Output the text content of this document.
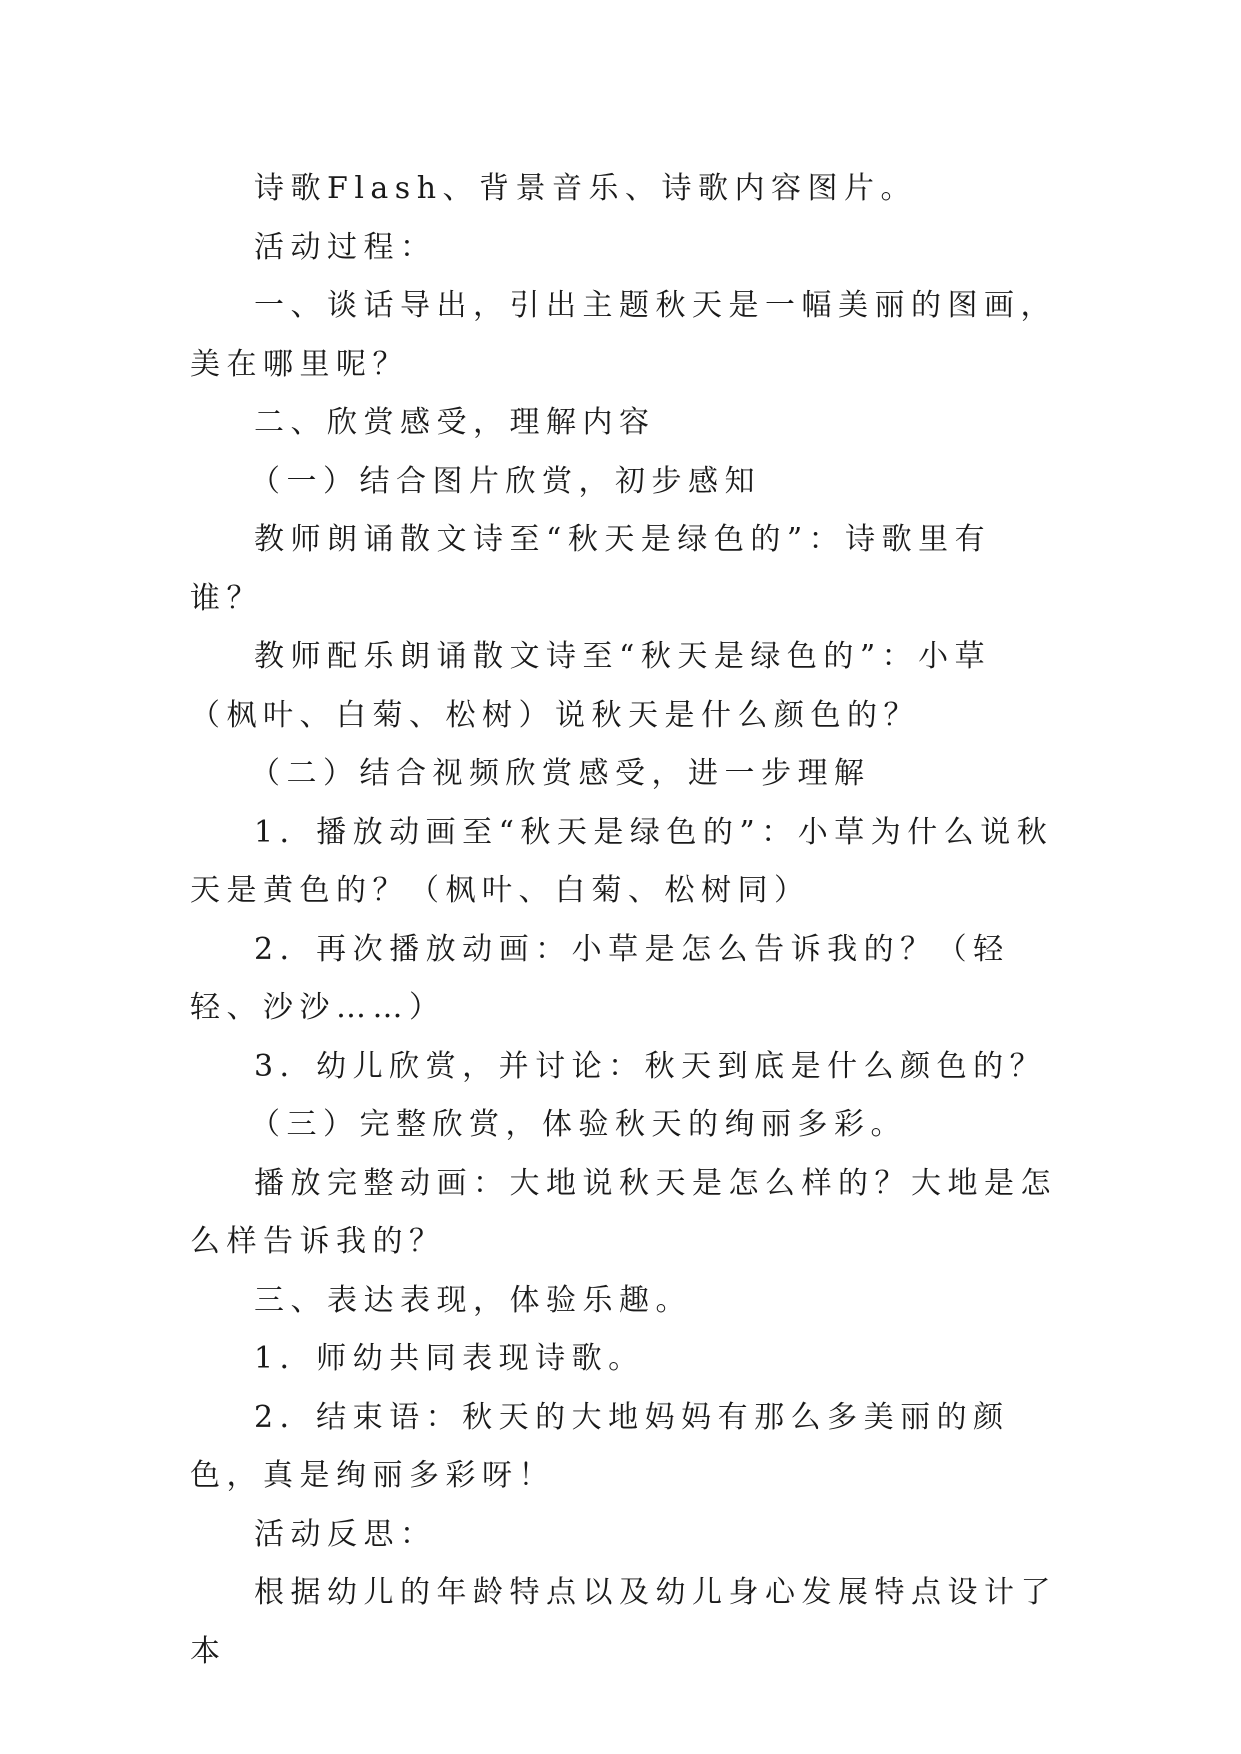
诗歌Flash、背景音乐、诗歌内容图片。

活动过程：

一、谈话导出，引出主题秋天是一幅美丽的图画，美在哪里呢？

二、欣赏感受，理解内容

（一）结合图片欣赏，初步感知

教师朗诵散文诗至“秋天是绿色的”：诗歌里有谁？

教师配乐朗诵散文诗至“秋天是绿色的”：小草（枫叶、白菊、松树）说秋天是什么颜色的？

（二）结合视频欣赏感受，进一步理解

1．播放动画至“秋天是绿色的”：小草为什么说秋天是黄色的？（枫叶、白菊、松树同）

2．再次播放动画：小草是怎么告诉我的？（轻轻、沙沙……）

3．幼儿欣赏，并讨论：秋天到底是什么颜色的？

（三）完整欣赏，体验秋天的绚丽多彩。

播放完整动画：大地说秋天是怎么样的？大地是怎么样告诉我的？

三、表达表现，体验乐趣。

1．师幼共同表现诗歌。

2．结束语：秋天的大地妈妈有那么多美丽的颜色，真是绚丽多彩呀！

活动反思：

根据幼儿的年龄特点以及幼儿身心发展特点设计了本
